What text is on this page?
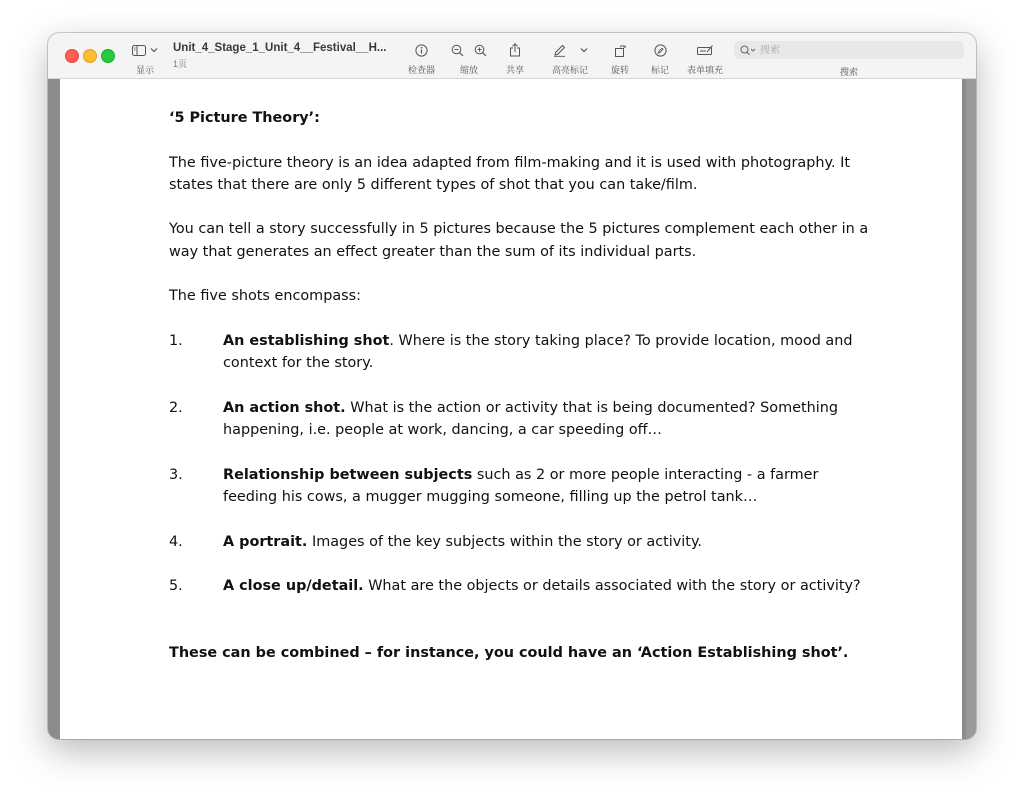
显示
Unit_4_Stage_1_Unit_4__Festival__H...
1页
检查器	缩放	共享	高亮标记	旋转 标记 表单填充
搜索	搜索

‘5 Picture Theory’:

The five-picture theory is an idea adapted from film-making and it is used with photography. It states that there are only 5 different types of shot that you can take/film.

You can tell a story successfully in 5 pictures because the 5 pictures complement each other in a way that generates an effect greater than the sum of its individual parts.

The five shots encompass:

1.	An establishing shot. Where is the story taking place? To provide location, mood and context for the story.
2.	An action shot. What is the action or activity that is being documented? Something happening, i.e. people at work, dancing, a car speeding off…
3.	Relationship between subjects such as 2 or more people interacting - a farmer feeding his cows, a mugger mugging someone, filling up the petrol tank…
4.	A portrait. Images of the key subjects within the story or activity.
5.	A close up/detail. What are the objects or details associated with the story or activity?

These can be combined – for instance, you could have an ‘Action Establishing shot’.
